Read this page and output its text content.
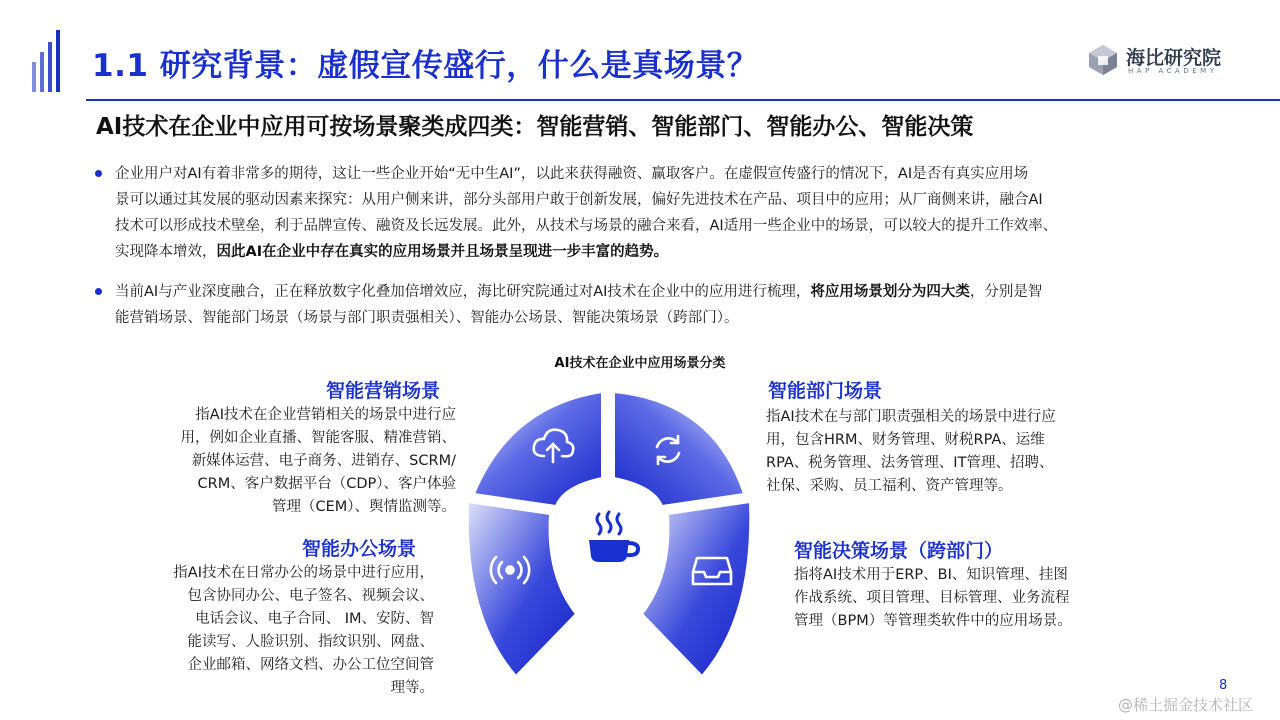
1.1 研究背景：虚假宣传盛行，什么是真场景？	海比研究院
HAP ACADEMY
AI技术在企业中应用可按场景聚类成四类：智能营销、智能部门、智能办公、智能决策
企业用户对AI有着非常多的期待，这让一些企业开始“无中生AI”，以此来获得融资、赢取客户。在虚假宣传盛行的情况下，AI是否有真实应用场
景可以通过其发展的驱动因素来探究：从用户侧来讲，部分头部用户敢于创新发展，偏好先进技术在产品、项目中的应用；从厂商侧来讲，融合AI
技术可以形成技术壁垒，利于品牌宣传、融资及长远发展。此外，从技术与场景的融合来看，AI适用一些企业中的场景，可以较大的提升工作效率、
实现降本增效，因此AI在企业中存在真实的应用场景并且场景呈现进一步丰富的趋势。
当前AI与产业深度融合，正在释放数字化叠加倍增效应，海比研究院通过对AI技术在企业中的应用进行梳理，将应用场景划分为四大类，分别是智
能营销场景、智能部门场景（场景与部门职责强相关）、智能办公场景、智能决策场景（跨部门）。
AI技术在企业中应用场景分类
智能营销场景
指AI技术在企业营销相关的场景中进行应
用，例如企业直播、智能客服、精准营销、
新媒体运营、电子商务、进销存、SCRM/
CRM、客户数据平台（CDP）、客户体验
管理（CEM）、舆情监测等。
智能部门场景
指AI技术在与部门职责强相关的场景中进行应
用，包含HRM、财务管理、财税RPA、运维
RPA、税务管理、法务管理、IT管理、招聘、
社保、采购、员工福利、资产管理等。
智能办公场景
指AI技术在日常办公的场景中进行应用，
包含协同办公、电子签名、视频会议、
电话会议、电子合同、 IM、安防、智
能读写、人脸识别、指纹识别、网盘、
企业邮箱、网络文档、办公工位空间管
理等。
智能决策场景（跨部门）
指将AI技术用于ERP、BI、知识管理、挂图
作战系统、项目管理、目标管理、业务流程
管理（BPM）等管理类软件中的应用场景。
8
@稀土掘金技术社区
